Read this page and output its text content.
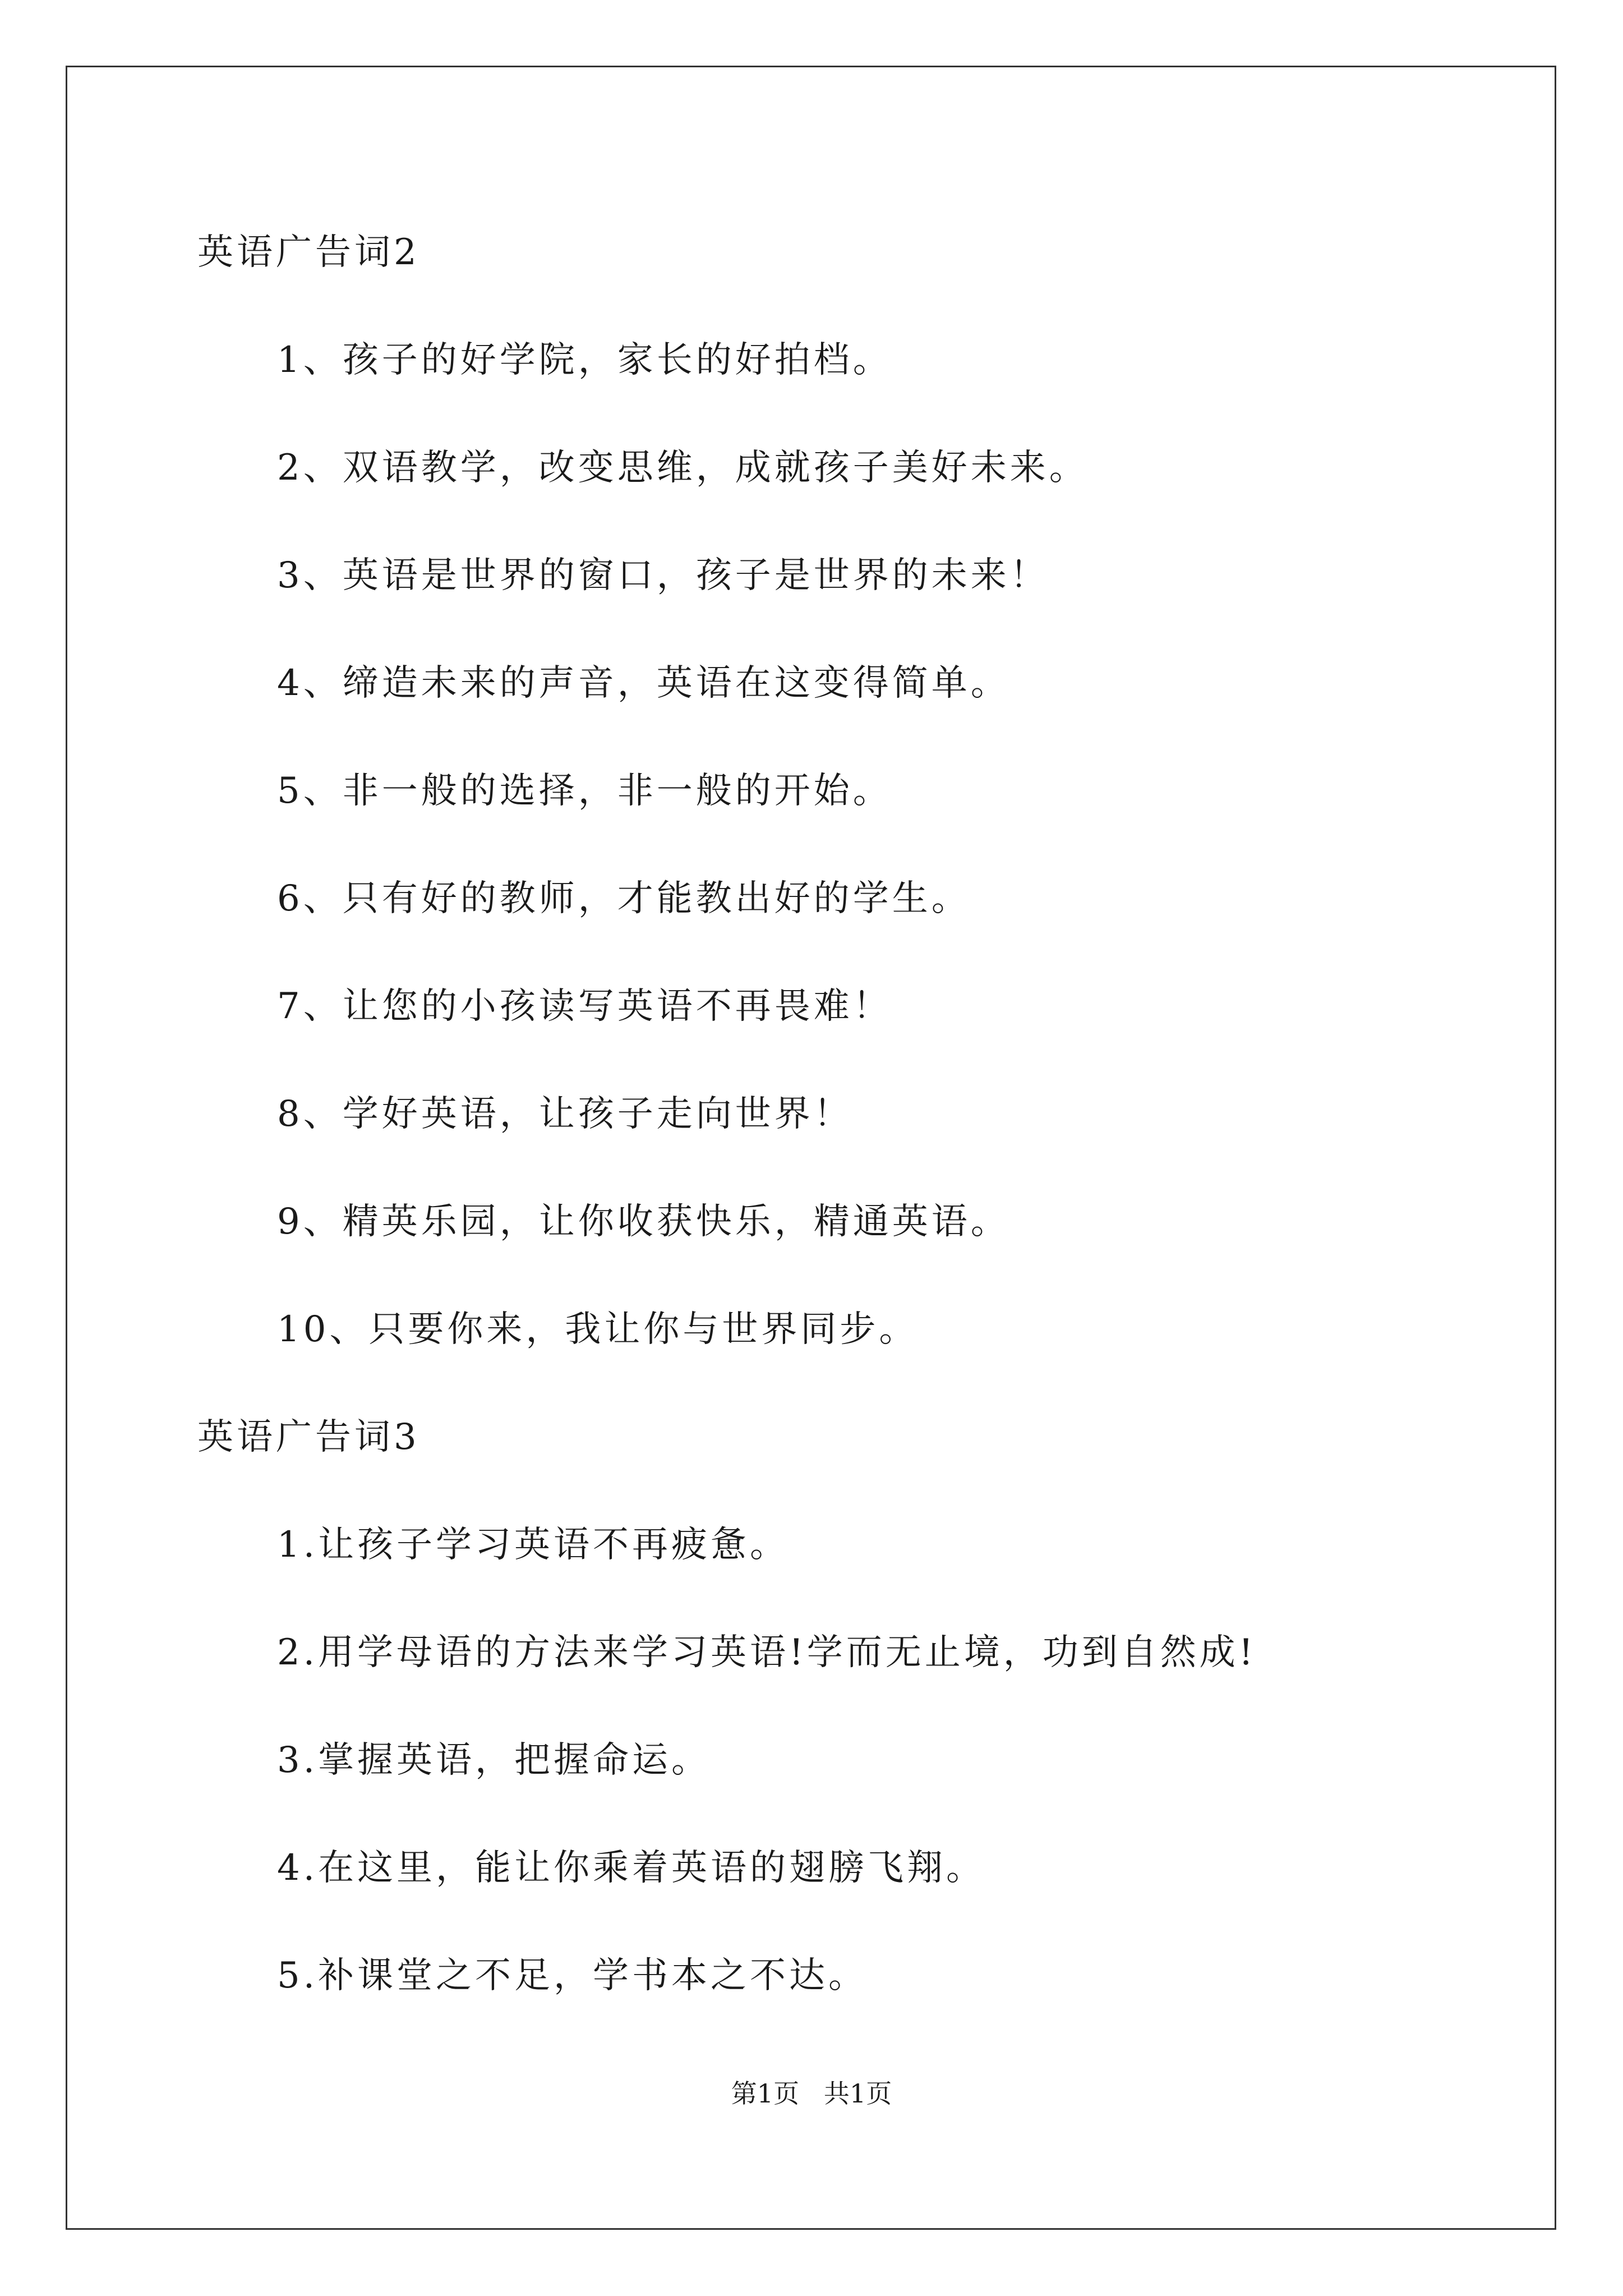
英语广告词2
1、孩子的好学院，家长的好拍档。
2、双语教学，改变思维，成就孩子美好未来。
3、英语是世界的窗口，孩子是世界的未来！
4、缔造未来的声音，英语在这变得简单。
5、非一般的选择，非一般的开始。
6、只有好的教师，才能教出好的学生。
7、让您的小孩读写英语不再畏难！
8、学好英语，让孩子走向世界！
9、精英乐园，让你收获快乐，精通英语。
10、只要你来，我让你与世界同步。
英语广告词3
1.让孩子学习英语不再疲惫。
2.用学母语的方法来学习英语!学而无止境，功到自然成!
3.掌握英语，把握命运。
4.在这里，能让你乘着英语的翅膀飞翔。
5.补课堂之不足，学书本之不达。
第1页   共1页
